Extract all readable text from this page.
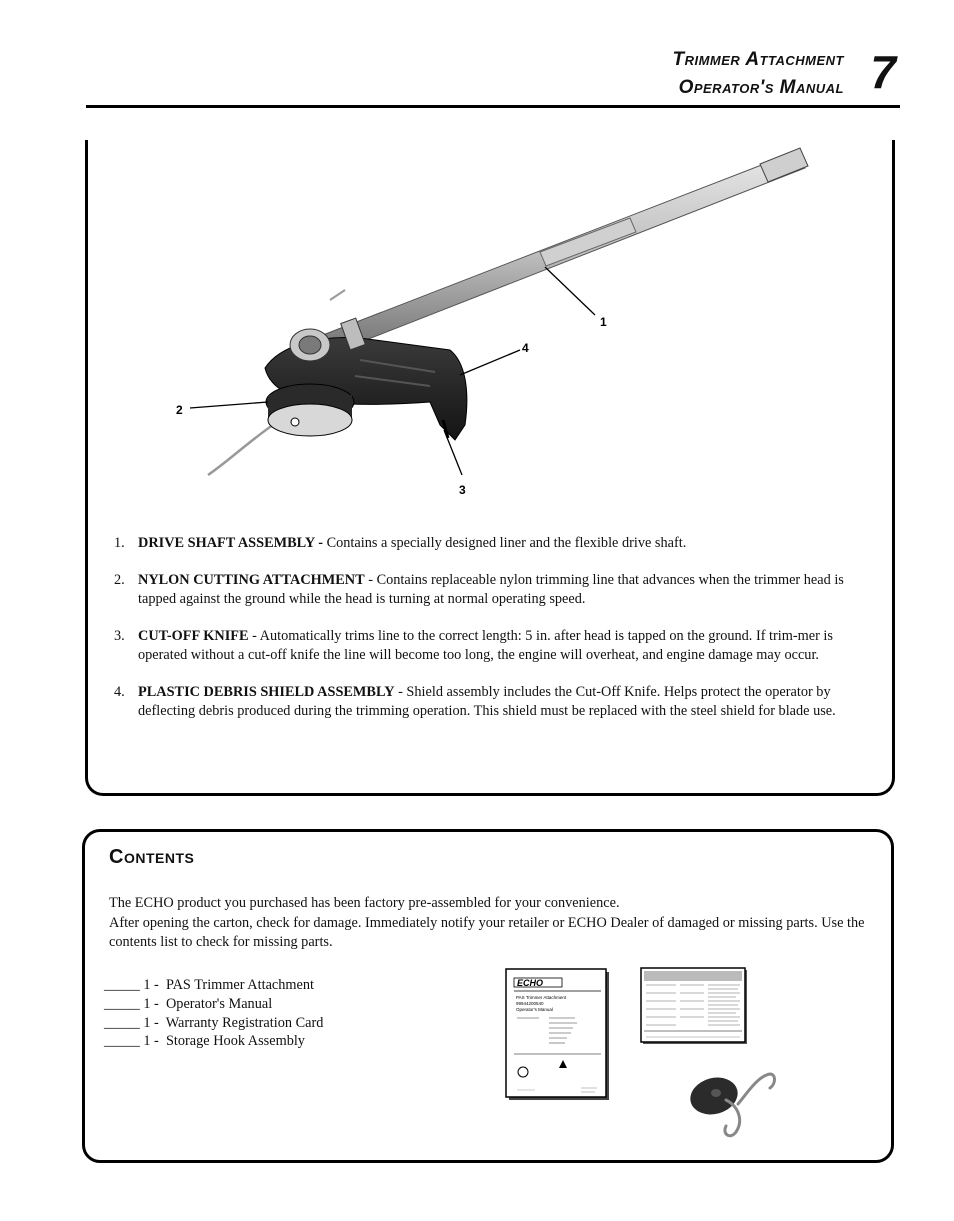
Trimmer Attachment
Operator's Manual 7
1
2
3
4
1. DRIVE SHAFT ASSEMBLY - Contains a specially designed liner and the flexible drive shaft.
2. NYLON CUTTING ATTACHMENT - Contains replaceable nylon trimming line that advances when the trimmer head is tapped against the ground while the head is turning at normal operating speed.
3. CUT-OFF KNIFE - Automatically trims line to the correct length: 5 in. after head is tapped on the ground. If trim-mer is operated without a cut-off knife the line will become too long, the engine will overheat, and engine damage may occur.
4. PLASTIC DEBRIS SHIELD ASSEMBLY - Shield assembly includes the Cut-Off Knife. Helps protect the operator by deflecting debris produced during the trimming operation. This shield must be replaced with the steel shield for blade use.
Contents
The ECHO product you purchased has been factory pre-assembled for your convenience.
After opening the carton, check for damage. Immediately notify your retailer or ECHO Dealer of damaged or missing parts. Use the contents list to check for missing parts.
_____ 1 - PAS Trimmer Attachment
_____ 1 - Operator's Manual
_____ 1 - Warranty Registration Card
_____ 1 - Storage Hook Assembly
ECHO
PAS Trimmer Attachment
99944200540
Operator's Manual
